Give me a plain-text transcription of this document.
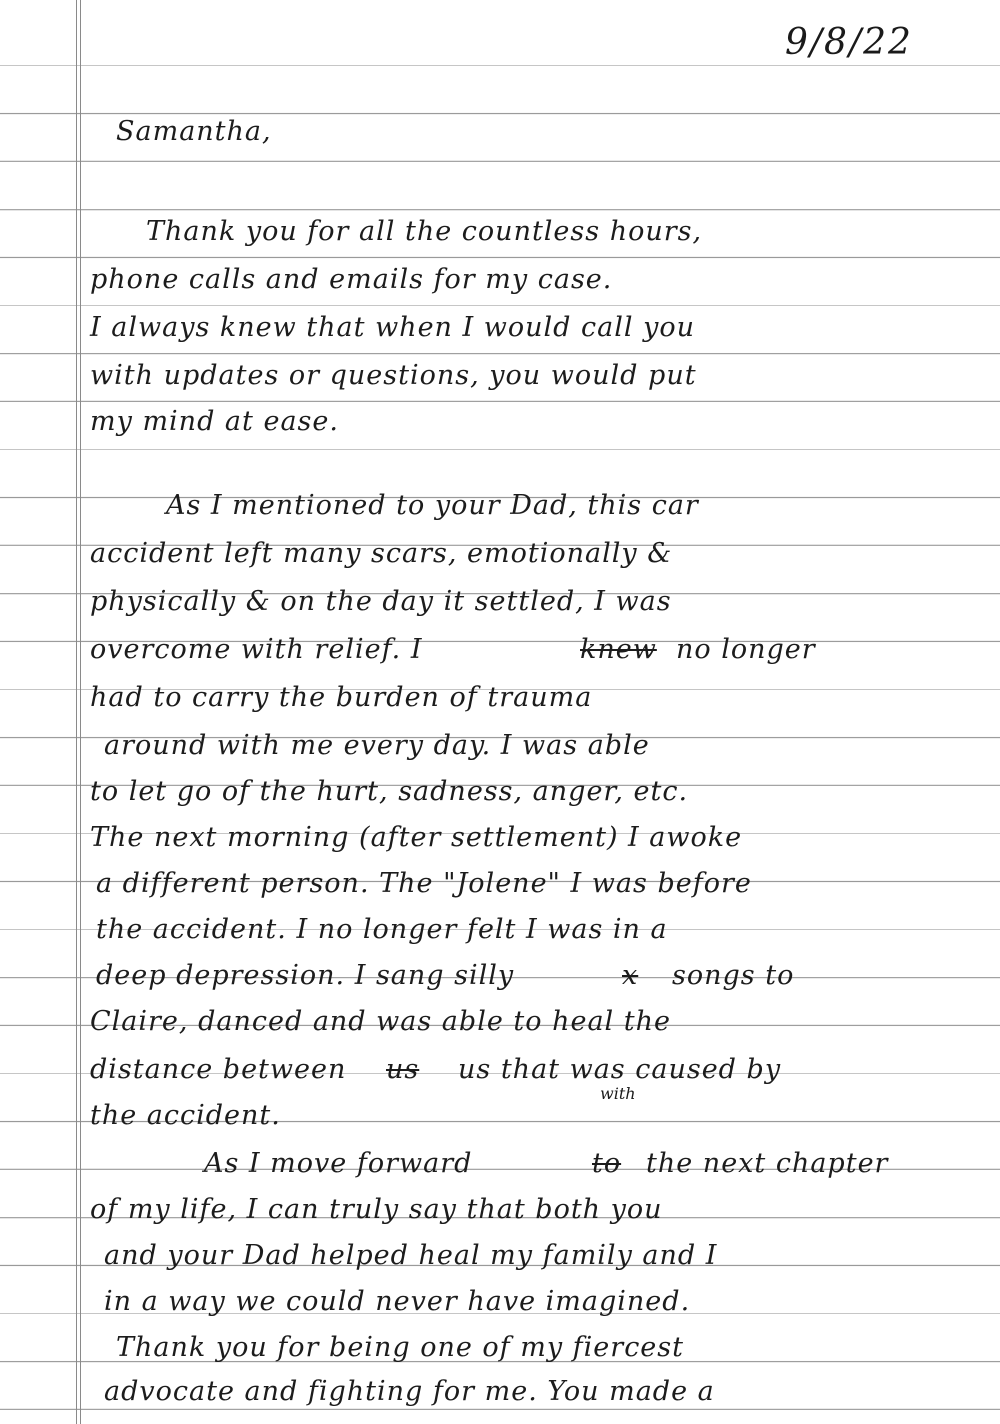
9/8/22
Samantha,
Thank you for all the countless hours,
phone calls and emails for my case.
I always knew that when I would call you
with updates or questions, you would put
my mind at ease.
As I mentioned to your Dad, this car
accident left many scars, emotionally &
physically & on the day it settled, I was
overcome with relief. I	knew no longer
had to carry the burden of trauma
around with me every day. I was able
to let go of the hurt, sadness, anger, etc.
The next morning (after settlement) I awoke
a different person. The "Jolene" I was before
the accident. I no longer felt I was in a
deep depression. I sang silly	x songs to
Claire, danced and was able to heal the
distance between us us that was caused by
the accident.
with
As I move forward	to the next chapter
of my life, I can truly say that both you
and your Dad helped heal my family and I
in a way we could never have imagined.
Thank you for being one of my fiercest
advocate and fighting for me. You made a
